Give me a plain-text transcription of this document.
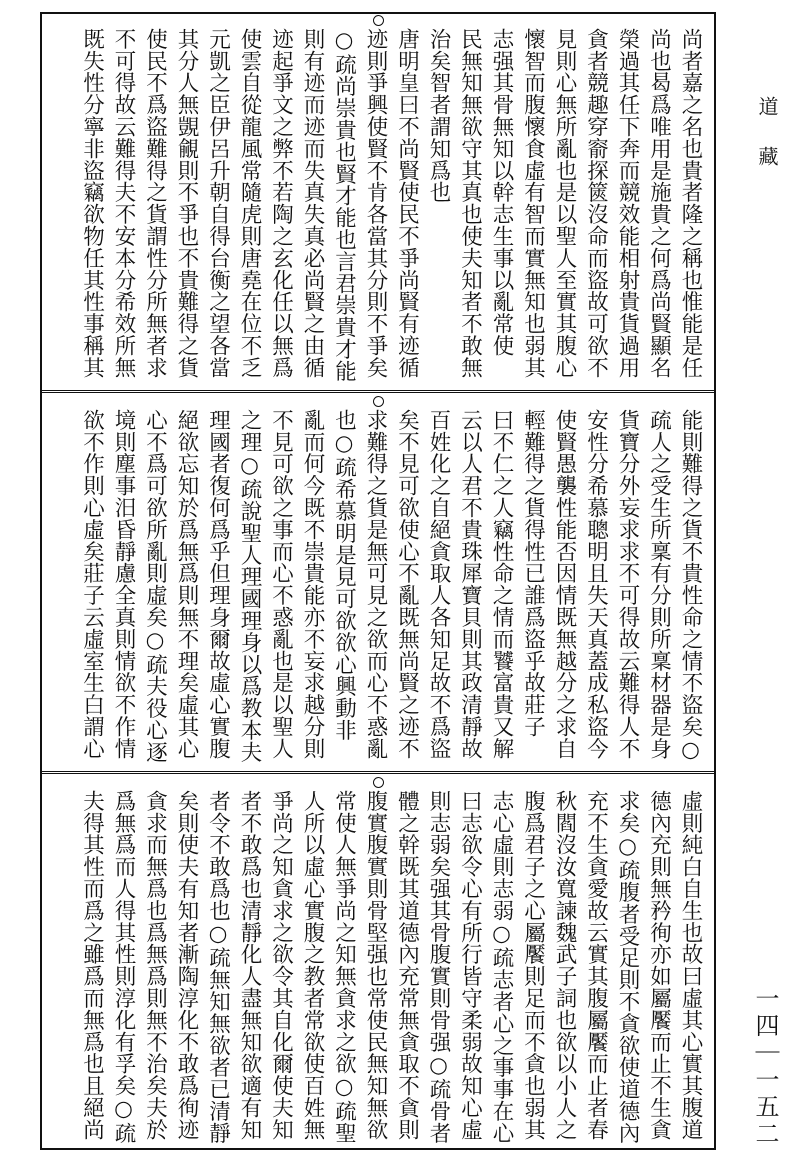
尚者嘉之名也貴者隆之稱也惟能是任
尚也曷爲唯用是施貴之何爲尚賢顯名
榮過其任下奔而競效能相射貴貨過用
貪者競趣穿窬探篋沒命而盜故可欲不
見則心無所亂也是以聖人至實其腹心
懷智而腹懷食虛有智而實無知也弱其
志强其骨無知以幹志生事以亂常使
民無知無欲守其真也使夫知者不敢無
治矣智者謂知爲也
唐明皇曰不尚賢使民不爭尚賢有迹循
迹則爭興使賢不肯各當其分則不爭矣
○疏尚崇貴也賢才能也言君崇貴才能
則有迹而迹而失真失真必尚賢之由循
迹起爭文之弊不若陶之玄化任以無爲
使雲自從龍風常隨虎則唐堯在位不乏
元凱之臣伊呂升朝自得台衡之望各當
其分人無覬覦則不爭也不貴難得之貨
使民不爲盜難得之貨謂性分所無者求
不可得故云難得夫不安本分希效所無
既失性分寧非盜竊欲物任其性事稱其
能則難得之貨不貴性命之情不盜矣○
疏人之受生所稟有分則所稟材器是身
貨寶分外妄求求不可得故云難得人不
安性分希慕聰明且失天真蓋成私盜今
使賢愚襲性能否因情既無越分之求自
輕難得之貨得性已誰爲盜乎故莊子
曰不仁之人竊性命之情而饕富貴又解
云以人君不貴珠犀寶貝則其政清靜故
百姓化之自絕貪取人各知足故不爲盜
矣不見可欲使心不亂既無尚賢之迹不
求難得之貨是無可見之欲而心不惑亂
也○疏希慕明是見可欲欲心興動非
亂而何今既不崇貴能亦不妄求越分則
不見可欲之事而心不惑亂也是以聖人
之理○疏說聖人理國理身以爲教本夫
理國者復何爲乎但理身爾故虛心實腹
絕欲忘知於爲無爲則無不理矣虛其心
心不爲可欲所亂則虛矣○疏夫役心逐
境則塵事汨昏靜慮全真則情欲不作情
欲不作則心虛矣莊子云虛室生白謂心
虛則純白自生也故曰虛其心實其腹道
德內充則無矜徇亦如屬饜而止不生貪
求矣○疏腹者受足則不貪欲使道德內
充不生貪愛故云實其腹屬饜而止者春
秋閻沒汝寬諫魏武子詞也欲以小人之
腹爲君子之心屬饜則足而不貪也弱其
志心虛則志弱○疏志者心之事事在心
曰志欲令心有所行皆守柔弱故知心虛
則志弱矣强其骨腹實則骨强○疏骨者
體之幹既其道德內充常無貪取不貪則
腹實腹實則骨堅强也常使民無知無欲
常使人無爭尚之知無貪求之欲○疏聖
人所以虛心實腹之教者常欲使百姓無
爭尚之知貪求之欲令其自化爾使夫知
者不敢爲也清靜化人盡無知欲適有知
者令不敢爲也○疏無知無欲者已清靜
矣則使夫有知者漸陶淳化不敢爲徇迹
貪求而無爲也爲無爲則無不治矣夫於
爲無爲而人得其性則淳化有孚矣○疏
夫得其性而爲之雖爲而無爲也且絕尚
道藏
一四｜一五二
